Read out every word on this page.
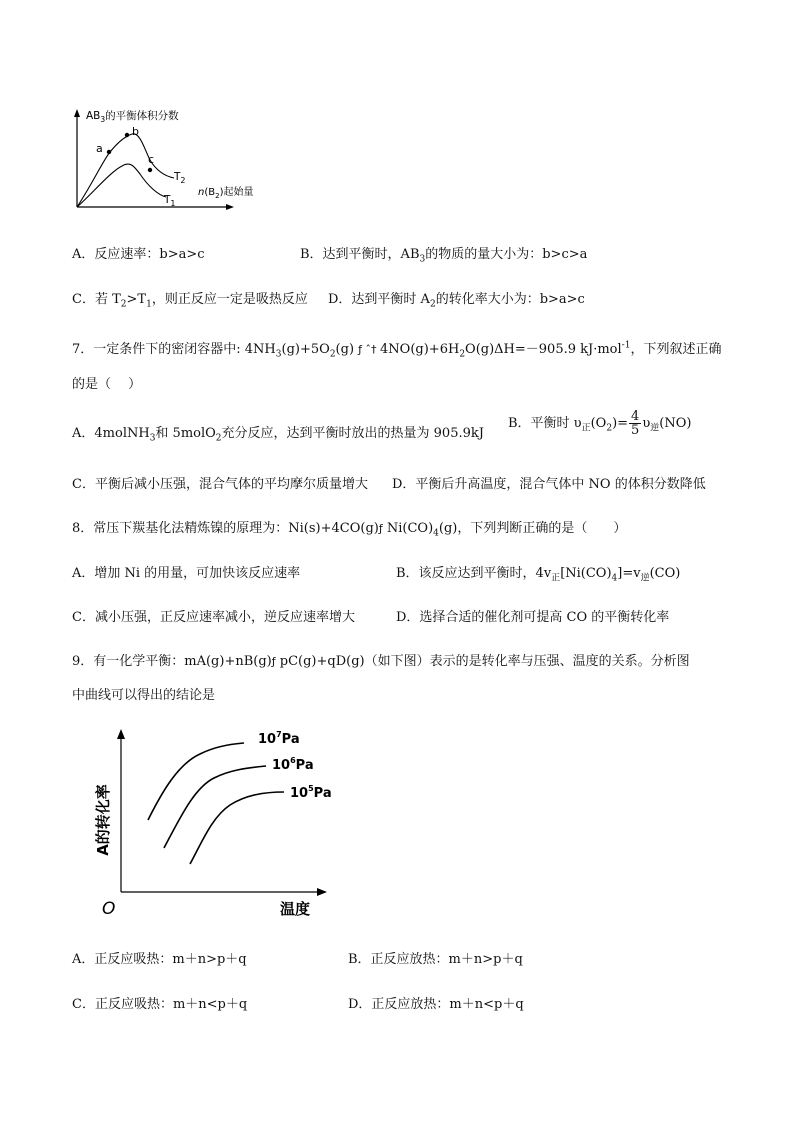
a
b
c
$T_2$
$T_1$
$AB_3$的平衡体积分数
$n(B_2)$起始量
A．反应速率：b>a>c	B．达到平衡时，$AB_3$的物质的量大小为：b>c>a
C．若 $T_2>T_1$，则正反应一定是吸热反应 D．达到平衡时 $A_2$的转化率大小为：b>a>c
7．一定条件下的密闭容器中: $4NH_3(g)+5O_2(g)$ ƒ ˆ† $4NO(g)+6H_2O(g)\Delta H=-905.9$ kJ·mol$^{-1}$，下列叙述正确
的是（　 ）
A．4molNH$_3$和 5molO$_2$充分反应，达到平衡时放出的热量为 905.9kJ
B．平衡时 $\upsilon_正(O_2)= \frac{4}{5} \upsilon_逆(NO)$
C．平衡后减小压强，混合气体的平均摩尔质量增大 D．平衡后升高温度，混合气体中 NO 的体积分数降低
8．常压下羰基化法精炼镍的原理为：Ni(s)+4CO(g)ƒ $Ni(CO)_4(g)$，下列判断正确的是（　　）
A．增加 Ni 的用量，可加快该反应速率	B．该反应达到平衡时，$4v_正[Ni(CO)_4]=v_逆(CO)$
C．减小压强，正反应速率减小，逆反应速率增大	D．选择合适的催化剂可提高 CO 的平衡转化率
9．有一化学平衡：mA(g)+nB(g)ƒ pC(g)+qD(g)（如下图）表示的是转化率与压强、温度的关系。分析图
中曲线可以得出的结论是
$10^7Pa$
$10^6Pa$
$10^5Pa$
O	温度
A的转化率
A．正反应吸热：m＋n>p＋q	B．正反应放热：m＋n>p＋q
C．正反应吸热：m＋n<p＋q	D．正反应放热：m＋n<p＋q
